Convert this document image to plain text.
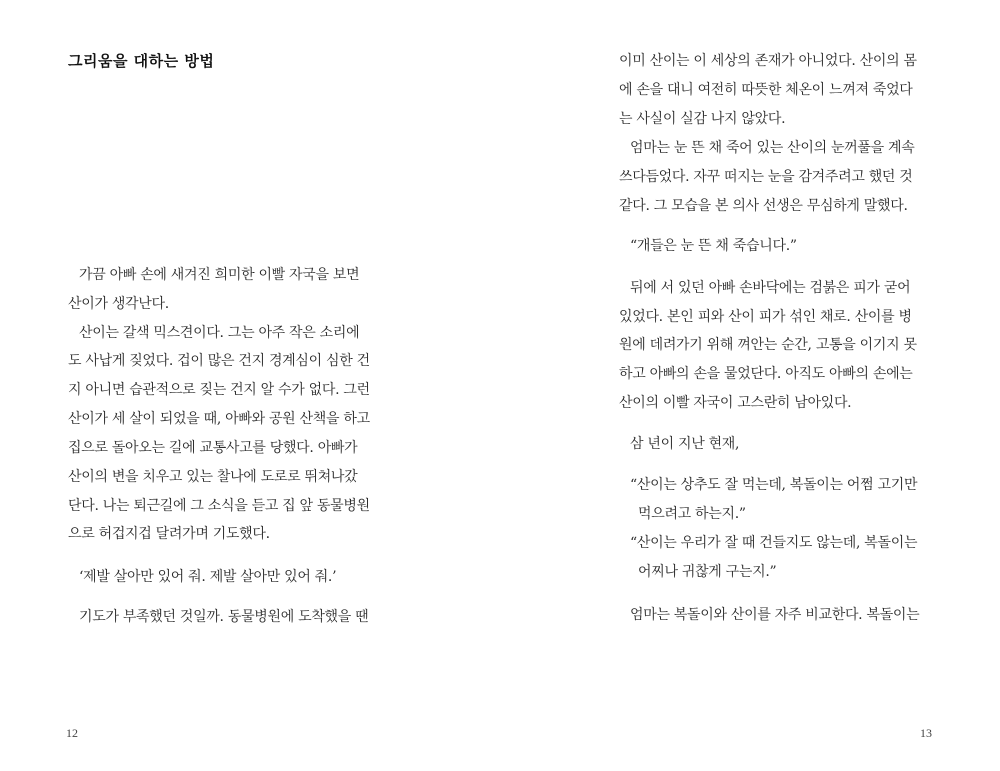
그리움을 대하는 방법
가끔 아빠 손에 새겨진 희미한 이빨 자국을 보면
산이가 생각난다.
산이는 갈색 믹스견이다. 그는 아주 작은 소리에
도 사납게 짖었다. 겁이 많은 건지 경계심이 심한 건
지 아니면 습관적으로 짖는 건지 알 수가 없다. 그런
산이가 세 살이 되었을 때, 아빠와 공원 산책을 하고
집으로 돌아오는 길에 교통사고를 당했다. 아빠가
산이의 변을 치우고 있는 찰나에 도로로 뛰쳐나갔
단다. 나는 퇴근길에 그 소식을 듣고 집 앞 동물병원
으로 허겁지겁 달려가며 기도했다.
‘제발 살아만 있어 줘. 제발 살아만 있어 줘.’
기도가 부족했던 것일까. 동물병원에 도착했을 땐
12
이미 산이는 이 세상의 존재가 아니었다. 산이의 몸
에 손을 대니 여전히 따뜻한 체온이 느껴져 죽었다
는 사실이 실감 나지 않았다.
엄마는 눈 뜬 채 죽어 있는 산이의 눈꺼풀을 계속
쓰다듬었다. 자꾸 떠지는 눈을 감겨주려고 했던 것
같다. 그 모습을 본 의사 선생은 무심하게 말했다.
“개들은 눈 뜬 채 죽습니다.”
뒤에 서 있던 아빠 손바닥에는 검붉은 피가 굳어
있었다. 본인 피와 산이 피가 섞인 채로. 산이를 병
원에 데려가기 위해 껴안는 순간, 고통을 이기지 못
하고 아빠의 손을 물었단다. 아직도 아빠의 손에는
산이의 이빨 자국이 고스란히 남아있다.
삼 년이 지난 현재,
“산이는 상추도 잘 먹는데, 복돌이는 어쩜 고기만
먹으려고 하는지.”
“산이는 우리가 잘 때 건들지도 않는데, 복돌이는
어찌나 귀찮게 구는지.”
엄마는 복돌이와 산이를 자주 비교한다. 복돌이는
13
